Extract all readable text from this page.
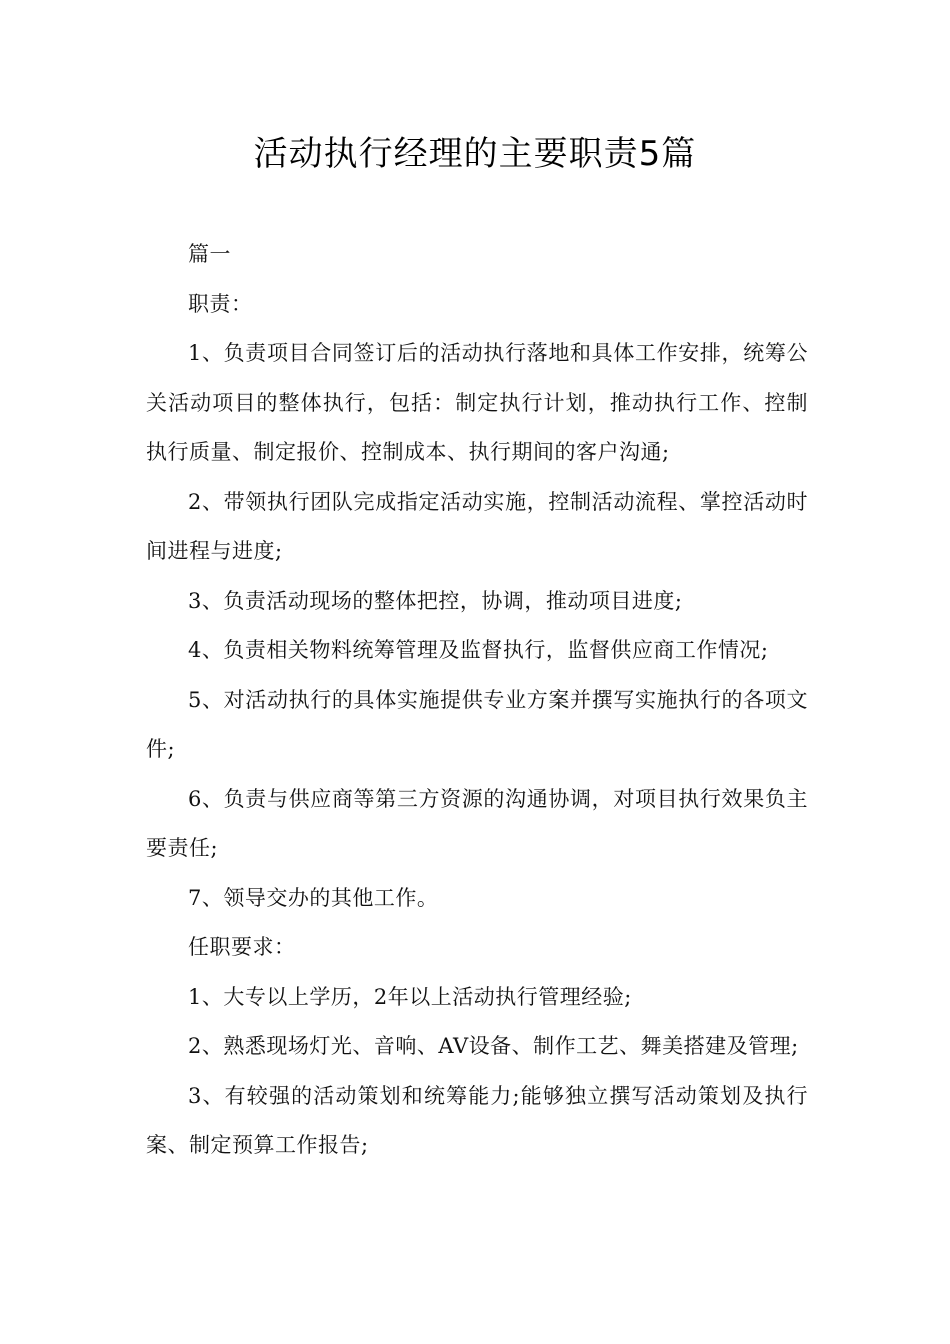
活动执行经理的主要职责5篇

篇一

职责：

1、负责项目合同签订后的活动执行落地和具体工作安排，统筹公关活动项目的整体执行，包括：制定执行计划，推动执行工作、控制执行质量、制定报价、控制成本、执行期间的客户沟通;

2、带领执行团队完成指定活动实施，控制活动流程、掌控活动时间进程与进度;

3、负责活动现场的整体把控，协调，推动项目进度;

4、负责相关物料统筹管理及监督执行，监督供应商工作情况;

5、对活动执行的具体实施提供专业方案并撰写实施执行的各项文件;

6、负责与供应商等第三方资源的沟通协调，对项目执行效果负主要责任;

7、领导交办的其他工作。

任职要求：

1、大专以上学历，2年以上活动执行管理经验;

2、熟悉现场灯光、音响、AV设备、制作工艺、舞美搭建及管理;

3、有较强的活动策划和统筹能力;能够独立撰写活动策划及执行案、制定预算工作报告;
